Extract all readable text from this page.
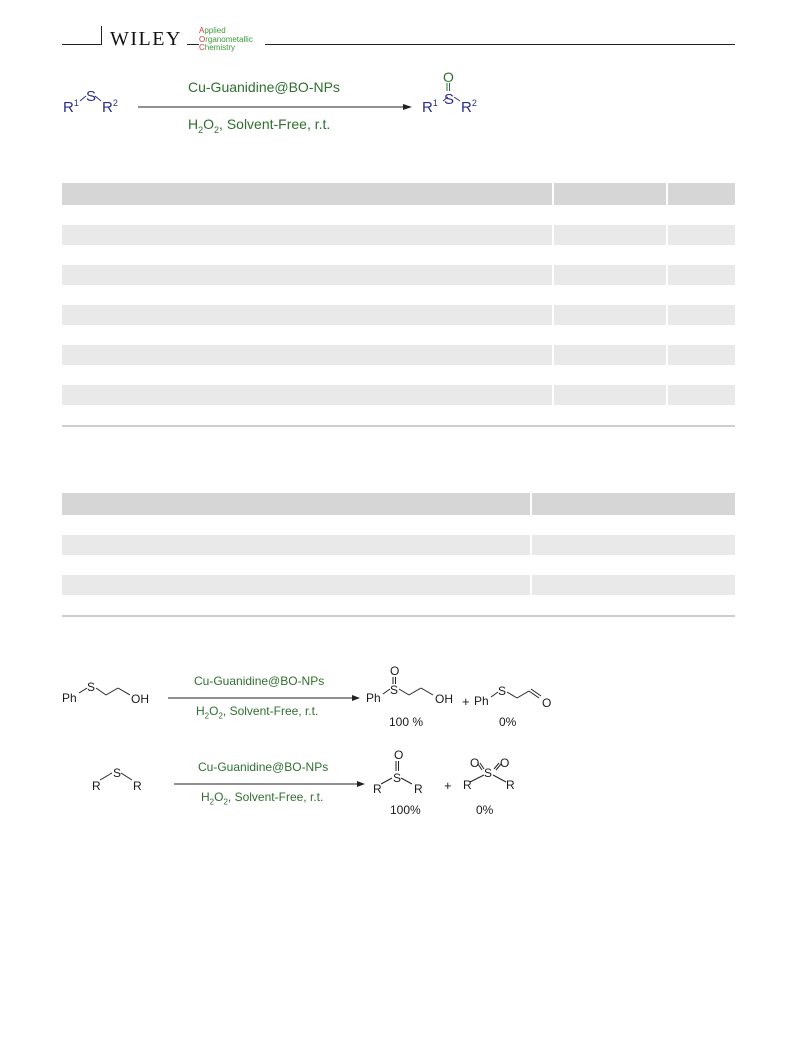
WILEY Applied
Organometallic
Chemistry
$R^1$ S
$R^2$
Cu-Guanidine@BO-NPs
$H_2O_2$, Solvent-Free, r.t.
O
$R^1$ S $R^2$
Ph
S
OH
Cu-Guanidine@BO-NPs
$H_2O_2$, Solvent-Free, r.t.
O
Ph
S
OH
100 %
+ Ph
S
O
0%
R
S
R
Cu-Guanidine@BO-NPs
$H_2O_2$, Solvent-Free, r.t.
O
R
S
R
100%
+
O O
R
S
R
0%
